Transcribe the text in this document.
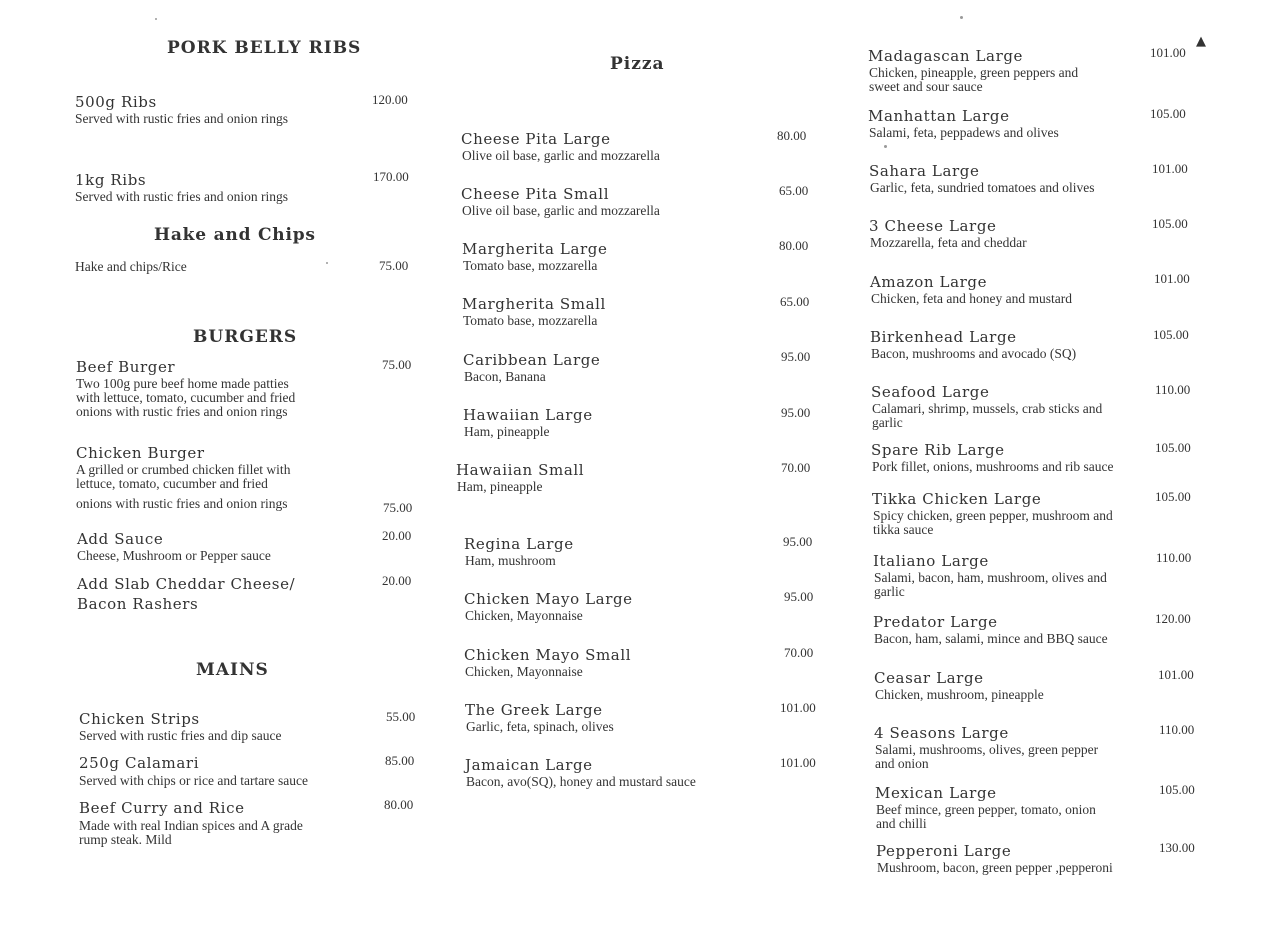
PORK BELLY RIBS
500g Ribs
Served with rustic fries and onion rings
120.00
1kg Ribs
Served with rustic fries and onion rings
170.00
Hake and Chips
Hake and chips/Rice	75.00
BURGERS
Beef Burger
Two 100g pure beef home made patties
with lettuce, tomato, cucumber and fried
onions with rustic fries and onion rings
75.00
Chicken Burger
A grilled or crumbed chicken fillet with
lettuce, tomato, cucumber and fried
onions with rustic fries and onion rings	75.00
Add Sauce
Cheese, Mushroom or Pepper sauce
20.00
Add Slab Cheddar Cheese/
Bacon Rashers
20.00
MAINS
Chicken Strips
Served with rustic fries and dip sauce
55.00
250g Calamari
Served with chips or rice and tartare sauce
85.00
Beef Curry and Rice
Made with real Indian spices and A grade
rump steak. Mild
80.00
Pizza
Cheese Pita Large
Olive oil base, garlic and mozzarella
80.00
Cheese Pita Small
Olive oil base, garlic and mozzarella
65.00
Margherita Large
Tomato base, mozzarella
80.00
Margherita Small
Tomato base, mozzarella
65.00
Caribbean Large
Bacon, Banana
95.00
Hawaiian Large
Ham, pineapple
95.00
Hawaiian Small
Ham, pineapple
70.00
Regina Large
Ham, mushroom
95.00
Chicken Mayo Large
Chicken, Mayonnaise
95.00
Chicken Mayo Small
Chicken, Mayonnaise
70.00
The Greek Large
Garlic, feta, spinach, olives
101.00
Jamaican Large
Bacon, avo(SQ), honey and mustard sauce
101.00
Madagascan Large
Chicken, pineapple, green peppers and
sweet and sour sauce
101.00
Manhattan Large
Salami, feta, peppadews and olives
105.00
Sahara Large
Garlic, feta, sundried tomatoes and olives
101.00
3 Cheese Large
Mozzarella, feta and cheddar
105.00
Amazon Large
Chicken, feta and honey and mustard
101.00
Birkenhead Large
Bacon, mushrooms and avocado (SQ)
105.00
Seafood Large
Calamari, shrimp, mussels, crab sticks and
garlic
110.00
Spare Rib Large
Pork fillet, onions, mushrooms and rib sauce
105.00
Tikka Chicken Large
Spicy chicken, green pepper, mushroom and
tikka sauce
105.00
Italiano Large
Salami, bacon, ham, mushroom, olives and
garlic
110.00
Predator Large
Bacon, ham, salami, mince and BBQ sauce
120.00
Ceasar Large
Chicken, mushroom, pineapple
101.00
4 Seasons Large
Salami, mushrooms, olives, green pepper
and onion
110.00
Mexican Large
Beef mince, green pepper, tomato, onion
and chilli
105.00
Pepperoni Large
Mushroom, bacon, green pepper ,pepperoni
130.00
▲
